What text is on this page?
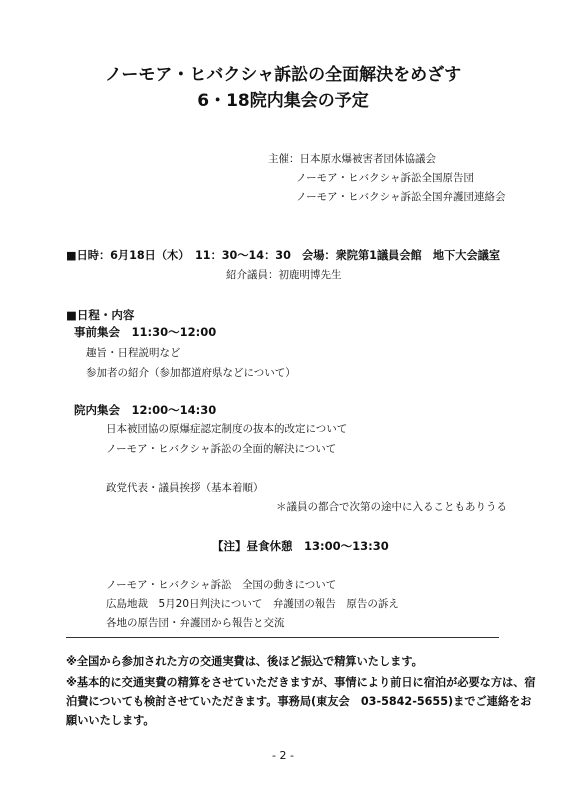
ノーモア・ヒバクシャ訴訟の全面解決をめざす
6・18院内集会の予定
主催：日本原水爆被害者団体協議会
ノーモア・ヒバクシャ訴訟全国原告団
ノーモア・ヒバクシャ訴訟全国弁護団連絡会
■日時：6月18日（木）　11：30～14：30　会場：衆院第1議員会館　地下大会議室
紹介議員：初鹿明博先生
■日程・内容
事前集会　11:30～12:00
趣旨・日程説明など
参加者の紹介（参加都道府県などについて）
院内集会　12:00～14:30
日本被団協の原爆症認定制度の抜本的改定について
ノーモア・ヒバクシャ訴訟の全面的解決について
政党代表・議員挨拶（基本着順）
＊議員の都合で次第の途中に入ることもありうる
【注】昼食休憩　13:00～13:30
ノーモア・ヒバクシャ訴訟　全国の動きについて
広島地裁　5月20日判決について　弁護団の報告　原告の訴え
各地の原告団・弁護団から報告と交流
※全国から参加された方の交通実費は、後ほど振込で精算いたします。
※基本的に交通実費の精算をさせていただきますが、事情により前日に宿泊が必要な方は、宿
泊費についても検討させていただきます。事務局(東友会　03-5842-5655)までご連絡をお
願いいたします。
- 2 -
